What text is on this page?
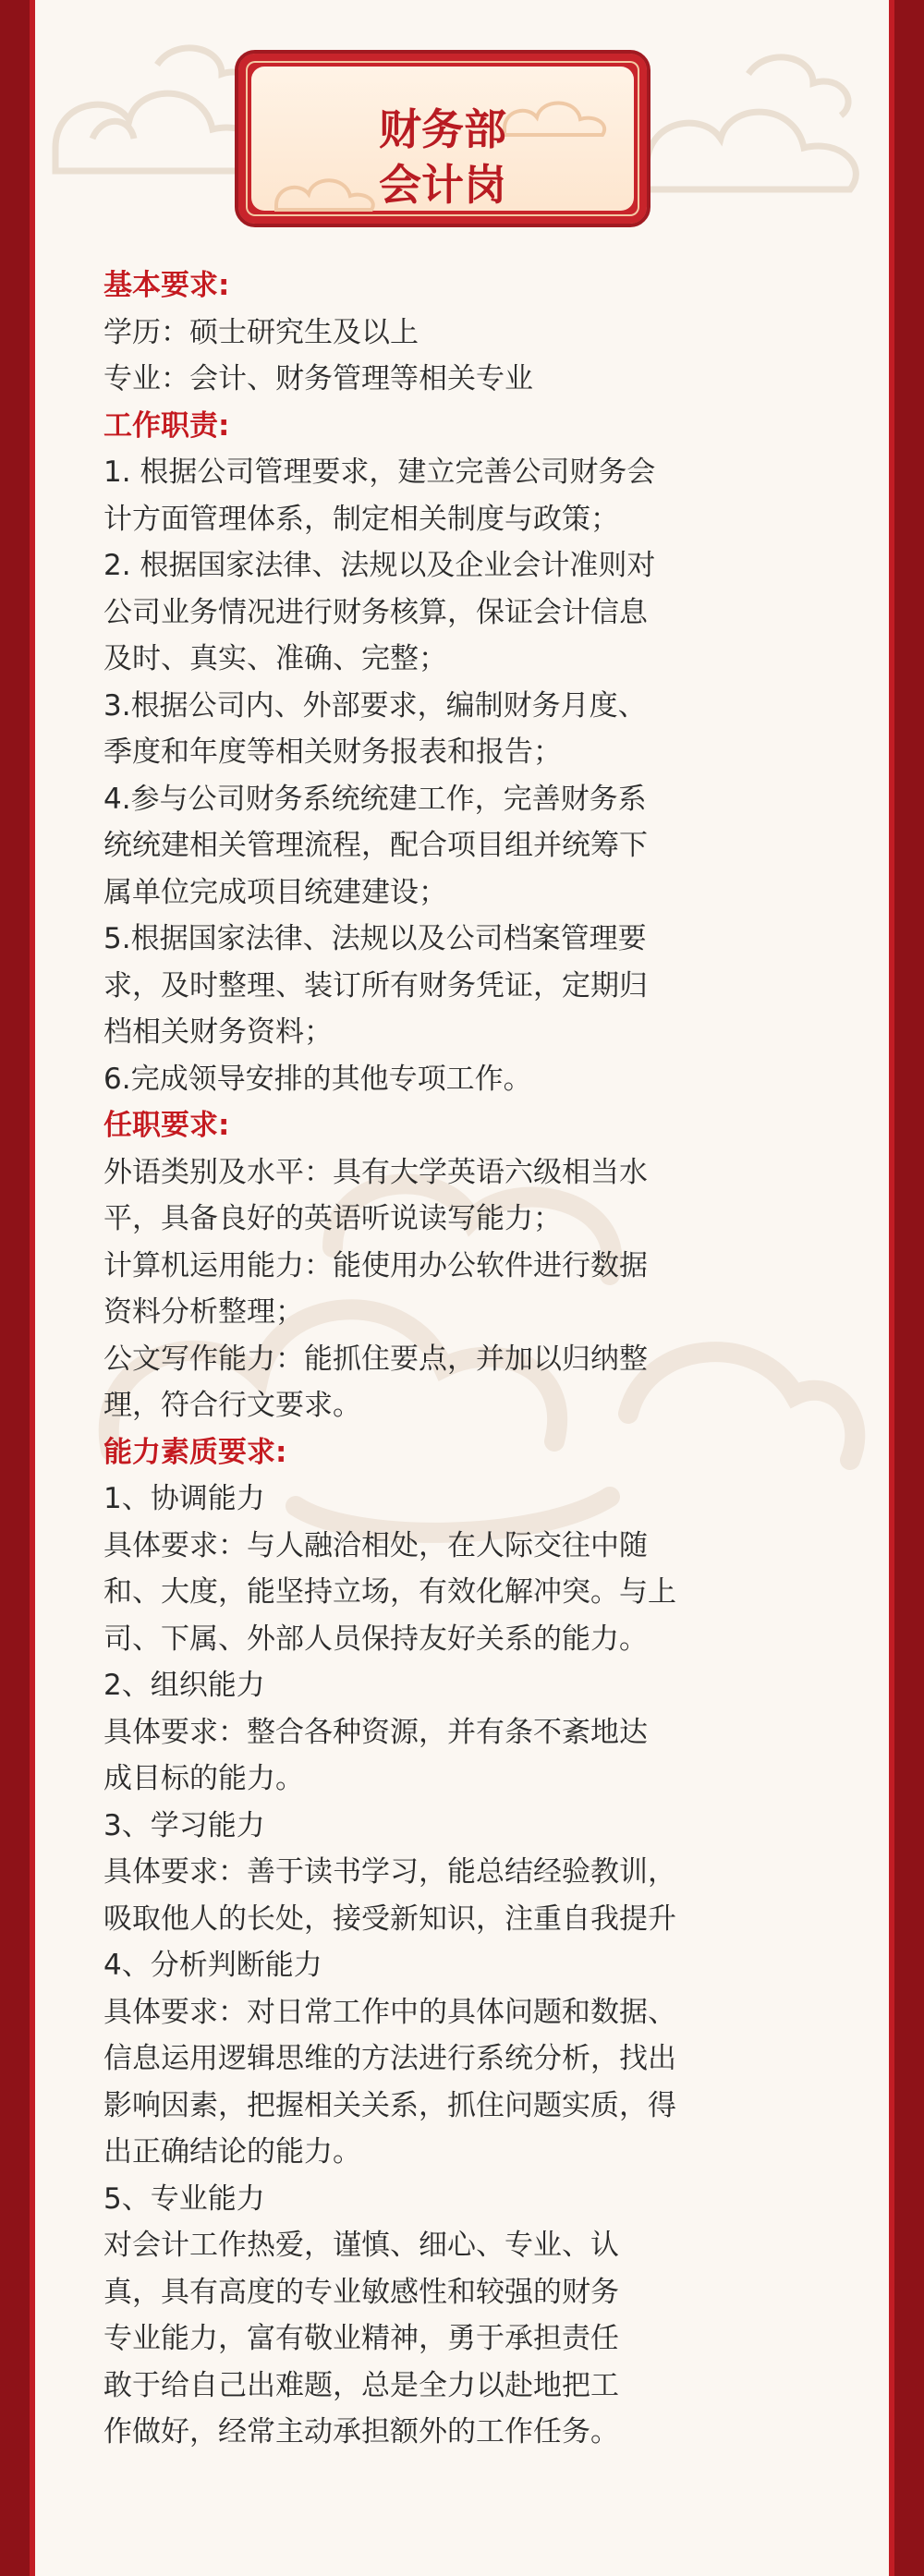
财务部
会计岗
基本要求:
学历：硕士研究生及以上
专业：会计、财务管理等相关专业
工作职责:
1. 根据公司管理要求，建立完善公司财务会
计方面管理体系，制定相关制度与政策；
2. 根据国家法律、法规以及企业会计准则对
公司业务情况进行财务核算，保证会计信息
及时、真实、准确、完整；
3.根据公司内、外部要求，编制财务月度、
季度和年度等相关财务报表和报告；
4.参与公司财务系统统建工作，完善财务系
统统建相关管理流程，配合项目组并统筹下
属单位完成项目统建建设；
5.根据国家法律、法规以及公司档案管理要
求，及时整理、装订所有财务凭证，定期归
档相关财务资料；
6.完成领导安排的其他专项工作。
任职要求:
外语类别及水平：具有大学英语六级相当水
平，具备良好的英语听说读写能力；
计算机运用能力：能使用办公软件进行数据
资料分析整理；
公文写作能力：能抓住要点，并加以归纳整
理，符合行文要求。
能力素质要求:
1、协调能力
具体要求：与人融洽相处，在人际交往中随
和、大度，能坚持立场，有效化解冲突。与上
司、下属、外部人员保持友好关系的能力。
2、组织能力
具体要求：整合各种资源，并有条不紊地达
成目标的能力。
3、学习能力
具体要求：善于读书学习，能总结经验教训，
吸取他人的长处，接受新知识，注重自我提升
4、分析判断能力
具体要求：对日常工作中的具体问题和数据、
信息运用逻辑思维的方法进行系统分析，找出
影响因素，把握相关关系，抓住问题实质，得
出正确结论的能力。
5、专业能力
对会计工作热爱，谨慎、细心、专业、认
真，具有高度的专业敏感性和较强的财务
专业能力，富有敬业精神，勇于承担责任
敢于给自己出难题，总是全力以赴地把工
作做好，经常主动承担额外的工作任务。
